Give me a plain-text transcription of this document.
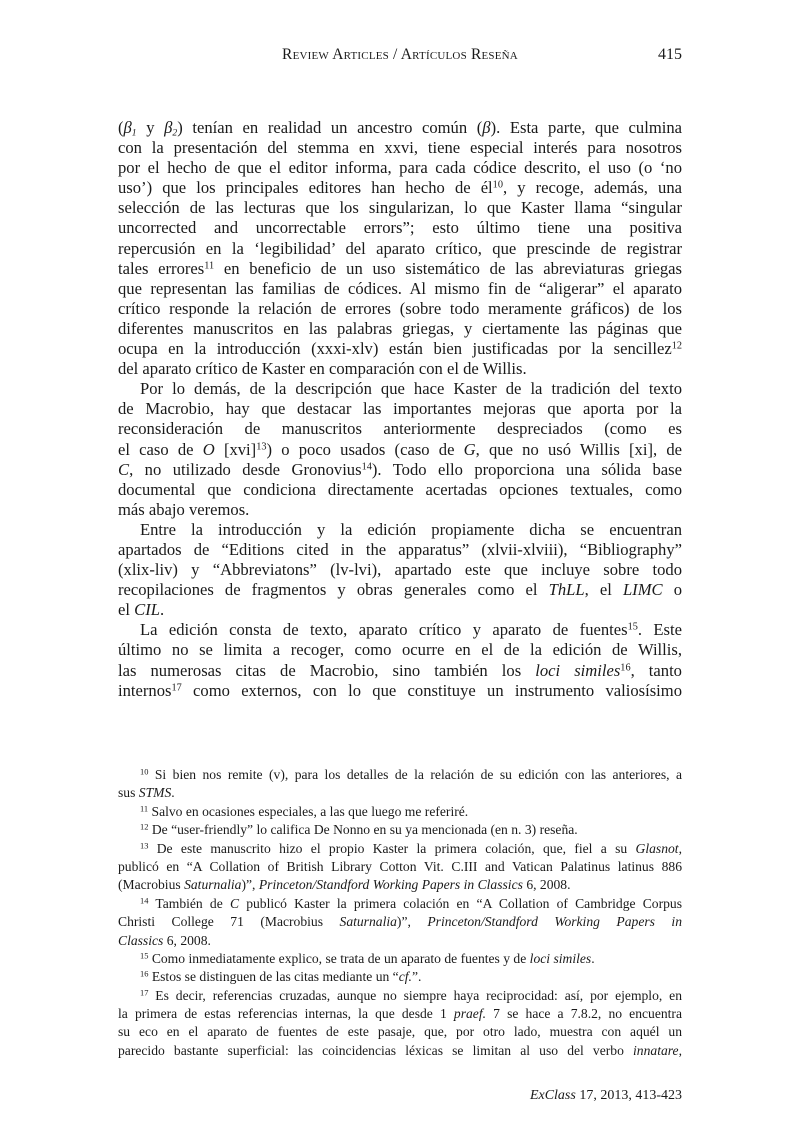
Review Articles / Artículos Reseña	415
($\beta_1$ y $\beta_2$) tenían en realidad un ancestro común (β). Esta parte, que culmina
con la presentación del stemma en xxvi, tiene especial interés para nosotros
por el hecho de que el editor informa, para cada códice descrito, el uso (o ‘no
uso’) que los principales editores han hecho de $él^{10}$, y recoge, además, una
selección de las lecturas que los singularizan, lo que Kaster llama “singular
uncorrected and uncorrectable errors”; esto último tiene una positiva
repercusión en la ‘legibilidad’ del aparato crítico, que prescinde de registrar
tales errores$^{11}$ en beneficio de un uso sistemático de las abreviaturas griegas
que representan las familias de códices. Al mismo fin de “aligerar” el aparato
crítico responde la relación de errores (sobre todo meramente gráficos) de los
diferentes manuscritos en las palabras griegas, y ciertamente las páginas que
ocupa en la introducción (xxxi-xlv) están bien justificadas por la sencillez$^{12}$
del aparato crítico de Kaster en comparación con el de Willis.
Por lo demás, de la descripción que hace Kaster de la tradición del texto
de Macrobio, hay que destacar las importantes mejoras que aporta por la
reconsideración de manuscritos anteriormente despreciados (como es
el caso de O [xvi]$^{13}$) o poco usados (caso de G, que no usó Willis [xi], de
C, no utilizado desde Gronovius$^{14}$). Todo ello proporciona una sólida base
documental que condiciona directamente acertadas opciones textuales, como
más abajo veremos.
Entre la introducción y la edición propiamente dicha se encuentran
apartados de “Editions cited in the apparatus” (xlvii-xlviii), “Bibliography”
(xlix-liv) y “Abbreviatons” (lv-lvi), apartado este que incluye sobre todo
recopilaciones de fragmentos y obras generales como el ThLL, el LIMC o
el CIL.
La edición consta de texto, aparato crítico y aparato de fuentes$^{15}$. Este
último no se limita a recoger, como ocurre en el de la edición de Willis,
las numerosas citas de Macrobio, sino también los loci similes$^{16}$, tanto
internos$^{17}$ como externos, con lo que constituye un instrumento valiosísimo
$^{10}$ Si bien nos remite (v), para los detalles de la relación de su edición con las anteriores, a
sus STMS.
$^{11}$ Salvo en ocasiones especiales, a las que luego me referiré.
$^{12}$ De “user-friendly” lo califica De Nonno en su ya mencionada (en n. 3) reseña.
$^{13}$ De este manuscrito hizo el propio Kaster la primera colación, que, fiel a su Glasnot,
publicó en “A Collation of British Library Cotton Vit. C.III and Vatican Palatinus latinus 886
(Macrobius Saturnalia)”, Princeton/Standford Working Papers in Classics 6, 2008.
$^{14}$ También de C publicó Kaster la primera colación en “A Collation of Cambridge Corpus
Christi College 71 (Macrobius Saturnalia)”, Princeton/Standford Working Papers in
Classics 6, 2008.
$^{15}$ Como inmediatamente explico, se trata de un aparato de fuentes y de loci similes.
$^{16}$ Estos se distinguen de las citas mediante un “cf.”.
$^{17}$ Es decir, referencias cruzadas, aunque no siempre haya reciprocidad: así, por ejemplo, en
la primera de estas referencias internas, la que desde 1 praef. 7 se hace a 7.8.2, no encuentra
su eco en el aparato de fuentes de este pasaje, que, por otro lado, muestra con aquél un
parecido bastante superficial: las coincidencias léxicas se limitan al uso del verbo innatare,
ExClass 17, 2013, 413-423
